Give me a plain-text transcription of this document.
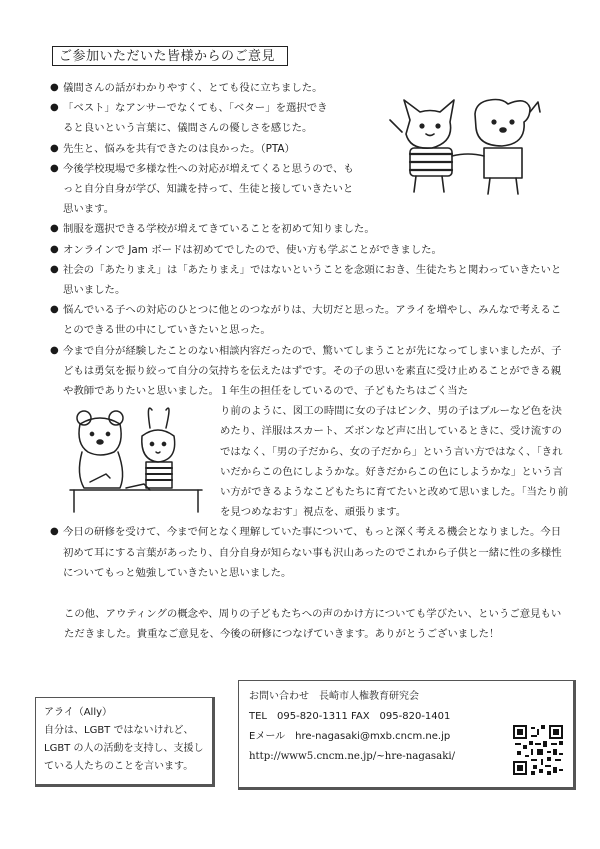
ご参加いただいた皆様からのご意見
● 儀間さんの話がわかりやすく、とても役に立ちました。
● 「ベスト」なアンサーでなくても、「ベター」を選択できると良いという言葉に、儀間さんの優しさを感じた。
● 先生と、悩みを共有できたのは良かった。（PTA）
● 今後学校現場で多様な性への対応が増えてくると思うので、もっと自分自身が学び、知識を持って、生徒と接していきたいと思います。
● 制服を選択できる学校が増えてきていることを初めて知りました。
● オンラインで Jam ボードは初めてでしたので、使い方も学ぶことができました。
● 社会の「あたりまえ」は「あたりまえ」ではないということを念頭におき、生徒たちと関わっていきたいと思いました。
● 悩んでいる子への対応のひとつに他とのつながりは、大切だと思った。アライを増やし、みんなで考えることのできる世の中にしていきたいと思った。
● 今まで自分が経験したことのない相談内容だったので、驚いてしまうことが先になってしまいましたが、子どもは勇気を振り絞って自分の気持ちを伝えたはずです。その子の思いを素直に受け止めることができる親や教師でありたいと思いました。１年生の担任をしているので、子どもたちはごく当た
り前のように、図工の時間に女の子はピンク、男の子はブルーなど色を決めたり、洋服はスカート、ズボンなど声に出しているときに、受け流すのではなく、「男の子だから、女の子だから」という言い方ではなく、「きれいだからこの色にしようかな。好きだからこの色にしようかな」という言い方ができるようなこどもたちに育てたいと改めて思いました。「当たり前を見つめなおす」視点を、頑張ります。
● 今日の研修を受けて、今まで何となく理解していた事について、もっと深く考える機会となりました。今日初めて耳にする言葉があったり、自分自身が知らない事も沢山あったのでこれから子供と一緒に性の多様性についてもっと勉強していきたいと思いました。

この他、アウティングの概念や、周りの子どもたちへの声のかけ方についても学びたい、というご意見もいただきました。貴重なご意見を、今後の研修につなげていきます。ありがとうございました！

アライ（Ally）
自分は、LGBT ではないけれど、LGBT の人の活動を支持し、支援している人たちのことを言います。
お問い合わせ　長崎市人権教育研究会
TEL　095-820-1311 FAX　095-820-1401
Eメール　hre-nagasaki@mxb.cncm.ne.jp
http://www5.cncm.ne.jp/~hre-nagasaki/
